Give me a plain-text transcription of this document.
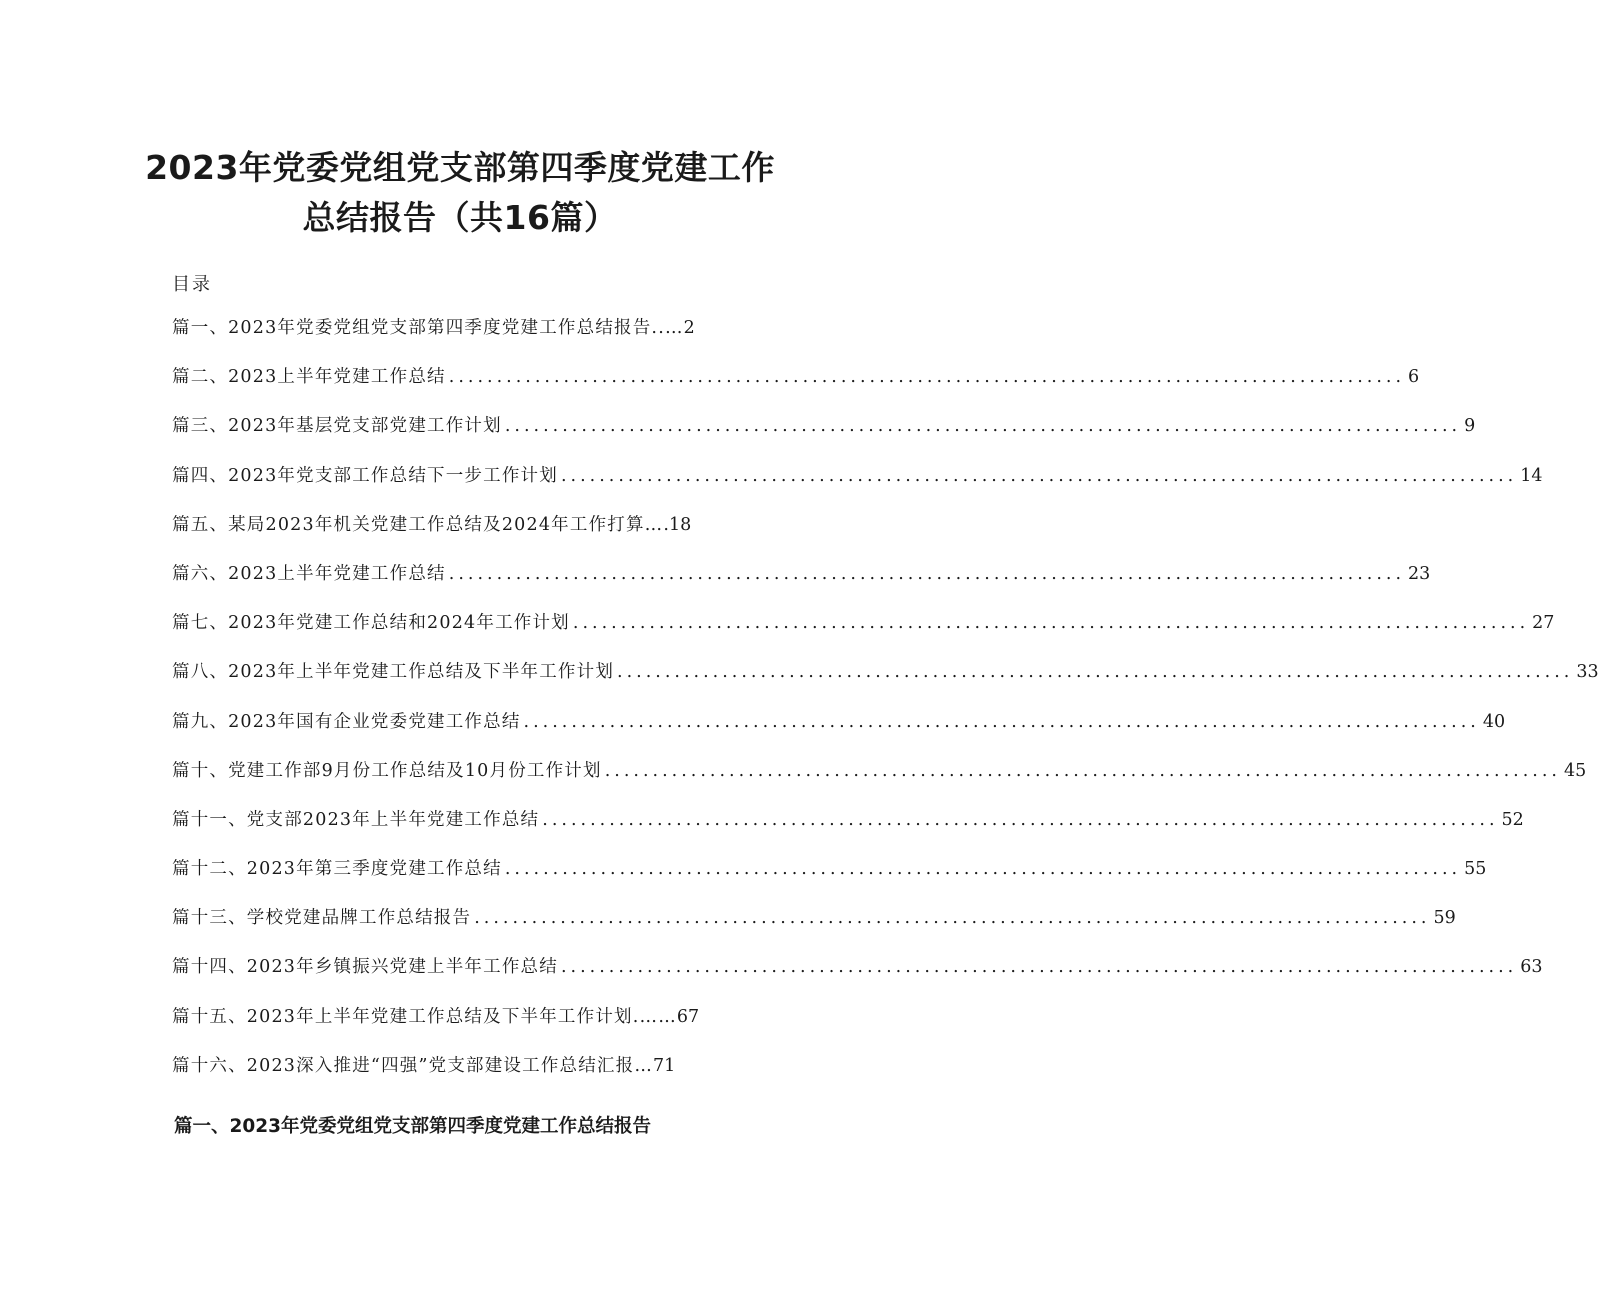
2023年党委党组党支部第四季度党建工作
总结报告（共16篇）

目录

篇一、2023年党委党组党支部第四季度党建工作总结报告..… 2
篇二、2023上半年党建工作总结 .....	6
篇三、2023年基层党支部党建工作计划 .....	9
篇四、2023年党支部工作总结下一步工作计划 .....	14
篇五、某局2023年机关党建工作总结及2024年工作打算… .18
篇六、2023上半年党建工作总结 .....	23
篇七、2023年党建工作总结和2024年工作计划 .....	27
篇八、2023年上半年党建工作总结及下半年工作计划 .....	33
篇九、2023年国有企业党委党建工作总结 .....	40
篇十、党建工作部9月份工作总结及10月份工作计划 .....	45
篇十一、党支部2023年上半年党建工作总结 .....	52
篇十二、2023年第三季度党建工作总结 .....	55
篇十三、学校党建品牌工作总结报告 .....	59
篇十四、2023年乡镇振兴党建上半年工作总结 .....	63
篇十五、2023年上半年党建工作总结及下半年工作计划.…… 67
篇十六、2023深入推进“四强”党支部建设工作总结汇报… 71
篇一、2023年党委党组党支部第四季度党建工作总结报告
